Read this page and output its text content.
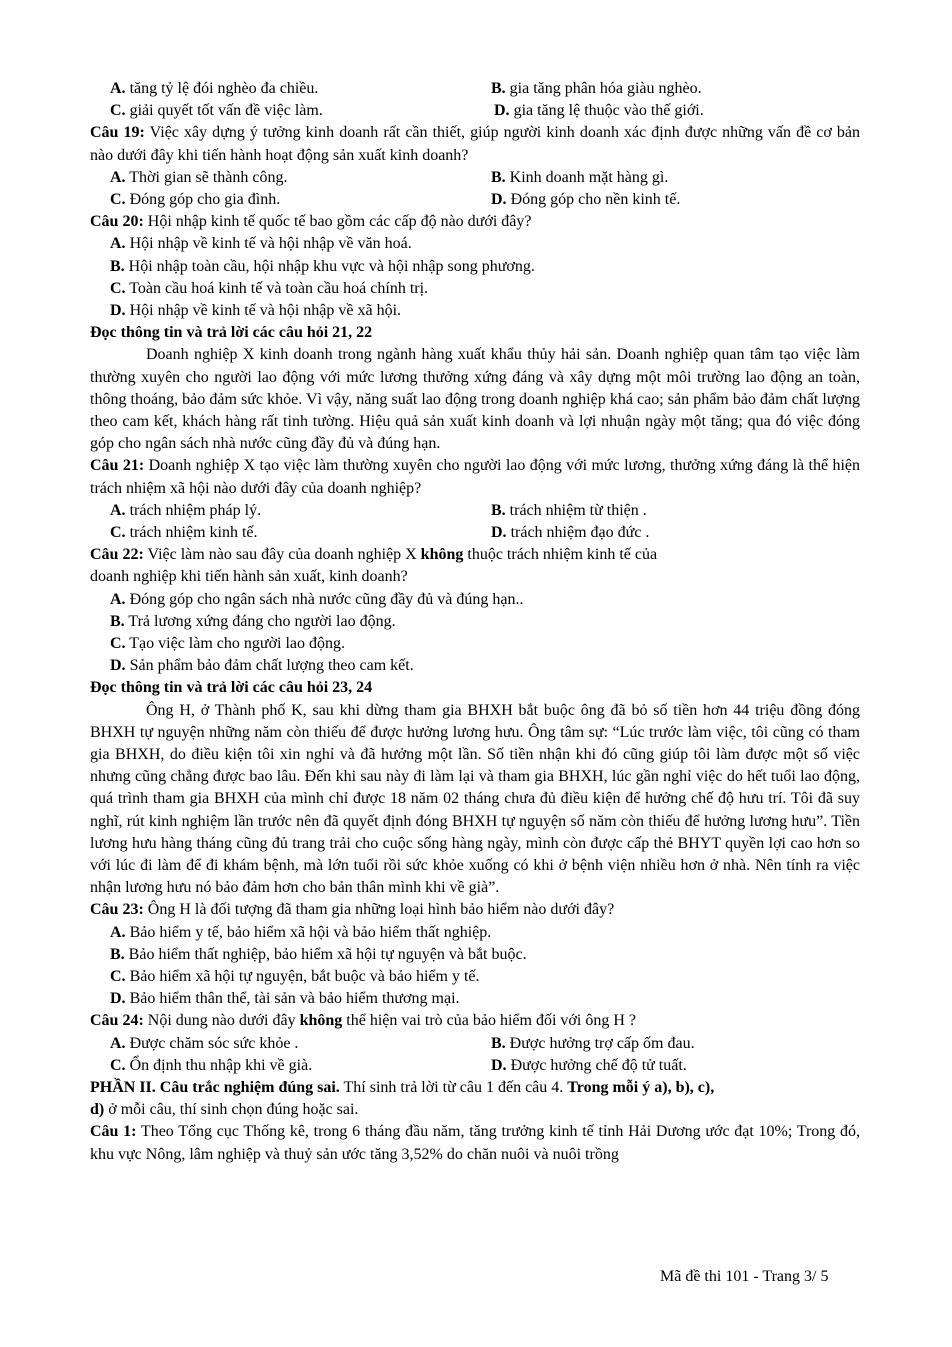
A. tăng tỷ lệ đói nghèo đa chiều.	B. gia tăng phân hóa giàu nghèo.
C. giải quyết tốt vấn đề việc làm.	D. gia tăng lệ thuộc vào thế giới.
Câu 19: Việc xây dựng ý tưởng kinh doanh rất cần thiết, giúp người kinh doanh xác định được những vấn đề cơ bản nào dưới đây khi tiến hành hoạt động sản xuất kinh doanh?
A. Thời gian sẽ thành công.	B. Kinh doanh mặt hàng gì.
C. Đóng góp cho gia đình.	D. Đóng góp cho nền kinh tế.
Câu 20: Hội nhập kinh tế quốc tế bao gồm các cấp độ nào dưới đây?
A. Hội nhập về kinh tế và hội nhập về văn hoá.
B. Hội nhập toàn cầu, hội nhập khu vực và hội nhập song phương.
C. Toàn cầu hoá kinh tế và toàn cầu hoá chính trị.
D. Hội nhập về kinh tế và hội nhập về xã hội.
Đọc thông tin và trả lời các câu hỏi 21, 22
Doanh nghiệp X kinh doanh trong ngành hàng xuất khẩu thủy hải sản. Doanh nghiệp quan tâm tạo việc làm thường xuyên cho người lao động với mức lương thưởng xứng đáng và xây dựng một môi trường lao động an toàn, thông thoáng, bảo đảm sức khỏe. Vì vậy, năng suất lao động trong doanh nghiệp khá cao; sản phẩm bảo đảm chất lượng theo cam kết, khách hàng rất tinh tường. Hiệu quả sản xuất kinh doanh và lợi nhuận ngày một tăng; qua đó việc đóng góp cho ngân sách nhà nước cũng đầy đủ và đúng hạn.
Câu 21: Doanh nghiệp X tạo việc làm thường xuyên cho người lao động với mức lương, thưởng xứng đáng là thể hiện trách nhiệm xã hội nào dưới đây của doanh nghiệp?
A. trách nhiệm pháp lý.	B. trách nhiệm từ thiện .
C. trách nhiệm kinh tế.	D. trách nhiệm đạo đức .
Câu 22: Việc làm nào sau đây của doanh nghiệp X không thuộc trách nhiệm kinh tế của
doanh nghiệp khi tiến hành sản xuất, kinh doanh?
A. Đóng góp cho ngân sách nhà nước cũng đầy đủ và đúng hạn..
B. Trả lương xứng đáng cho người lao động.
C. Tạo việc làm cho người lao động.
D. Sản phẩm bảo đảm chất lượng theo cam kết.
Đọc thông tin và trả lời các câu hỏi 23, 24
Ông H, ở Thành phố K, sau khi dừng tham gia BHXH bắt buộc ông đã bỏ số tiền hơn 44 triệu đồng đóng BHXH tự nguyện những năm còn thiếu để được hưởng lương hưu. Ông tâm sự: “Lúc trước làm việc, tôi cũng có tham gia BHXH, do điều kiện tôi xin nghỉ và đã hưởng một lần. Số tiền nhận khi đó cũng giúp tôi làm được một số việc nhưng cũng chẳng được bao lâu. Đến khi sau này đi làm lại và tham gia BHXH, lúc gần nghỉ việc do hết tuổi lao động, quá trình tham gia BHXH của mình chỉ được 18 năm 02 tháng chưa đủ điều kiện để hưởng chế độ hưu trí. Tôi đã suy nghĩ, rút kinh nghiệm lần trước nên đã quyết định đóng BHXH tự nguyện số năm còn thiếu để hưởng lương hưu”. Tiền lương hưu hàng tháng cũng đủ trang trải cho cuộc sống hàng ngày, mình còn được cấp thẻ BHYT quyền lợi cao hơn so với lúc đi làm để đi khám bệnh, mà lớn tuổi rồi sức khỏe xuống có khi ở bệnh viện nhiều hơn ở nhà. Nên tính ra việc nhận lương hưu nó bảo đảm hơn cho bản thân mình khi về già”.
Câu 23: Ông H là đối tượng đã tham gia những loại hình bảo hiểm nào dưới đây?
A. Bảo hiểm y tế, bảo hiểm xã hội và bảo hiểm thất nghiệp.
B. Bảo hiểm thất nghiệp, bảo hiểm xã hội tự nguyện và bắt buộc.
C. Bảo hiểm xã hội tự nguyện, bắt buộc và bảo hiểm y tế.
D. Bảo hiểm thân thể, tài sản và bảo hiểm thương mại.
Câu 24: Nội dung nào dưới đây không thể hiện vai trò của bảo hiểm đối với ông H ?
A. Được chăm sóc sức khỏe .	B. Được hưởng trợ cấp ốm đau.
C. Ổn định thu nhập khi về già.	D. Được hưởng chế độ tử tuất.
PHẦN II. Câu trắc nghiệm đúng sai. Thí sinh trả lời từ câu 1 đến câu 4. Trong mỗi ý a), b), c),
d) ở mỗi câu, thí sinh chọn đúng hoặc sai.
Câu 1: Theo Tổng cục Thống kê, trong 6 tháng đầu năm, tăng trưởng kinh tế tỉnh Hải Dương ước đạt 10%; Trong đó, khu vực Nông, lâm nghiệp và thuỷ sản ước tăng 3,52% do chăn nuôi và nuôi trồng
Mã đề thi 101 - Trang 3/ 5
